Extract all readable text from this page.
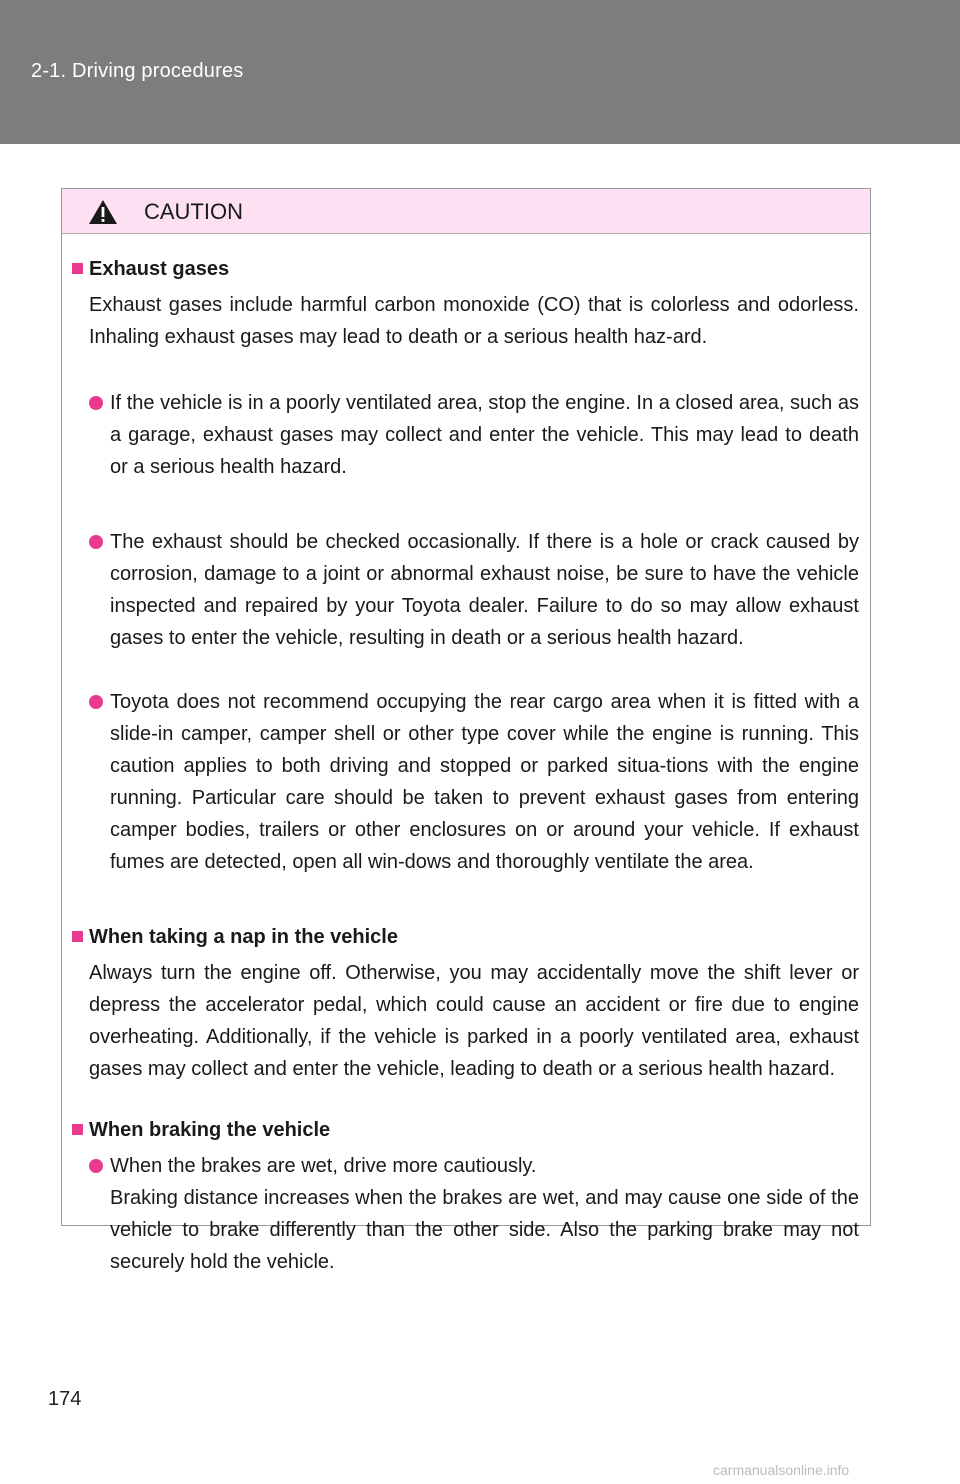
2-1. Driving procedures
CAUTION

Exhaust gases

Exhaust gases include harmful carbon monoxide (CO) that is colorless and odorless. Inhaling exhaust gases may lead to death or a serious health haz-ard.

If the vehicle is in a poorly ventilated area, stop the engine. In a closed area, such as a garage, exhaust gases may collect and enter the vehicle. This may lead to death or a serious health hazard.

The exhaust should be checked occasionally. If there is a hole or crack caused by corrosion, damage to a joint or abnormal exhaust noise, be sure to have the vehicle inspected and repaired by your Toyota dealer. Failure to do so may allow exhaust gases to enter the vehicle, resulting in death or a serious health hazard.

Toyota does not recommend occupying the rear cargo area when it is fitted with a slide-in camper, camper shell or other type cover while the engine is running. This caution applies to both driving and stopped or parked situa-tions with the engine running. Particular care should be taken to prevent exhaust gases from entering camper bodies, trailers or other enclosures on or around your vehicle. If exhaust fumes are detected, open all win-dows and thoroughly ventilate the area.

When taking a nap in the vehicle

Always turn the engine off. Otherwise, you may accidentally move the shift lever or depress the accelerator pedal, which could cause an accident or fire due to engine overheating. Additionally, if the vehicle is parked in a poorly ventilated area, exhaust gases may collect and enter the vehicle, leading to death or a serious health hazard.

When braking the vehicle

When the brakes are wet, drive more cautiously.

Braking distance increases when the brakes are wet, and may cause one side of the vehicle to brake differently than the other side. Also the parking brake may not securely hold the vehicle.

174
carmanualsonline.info
